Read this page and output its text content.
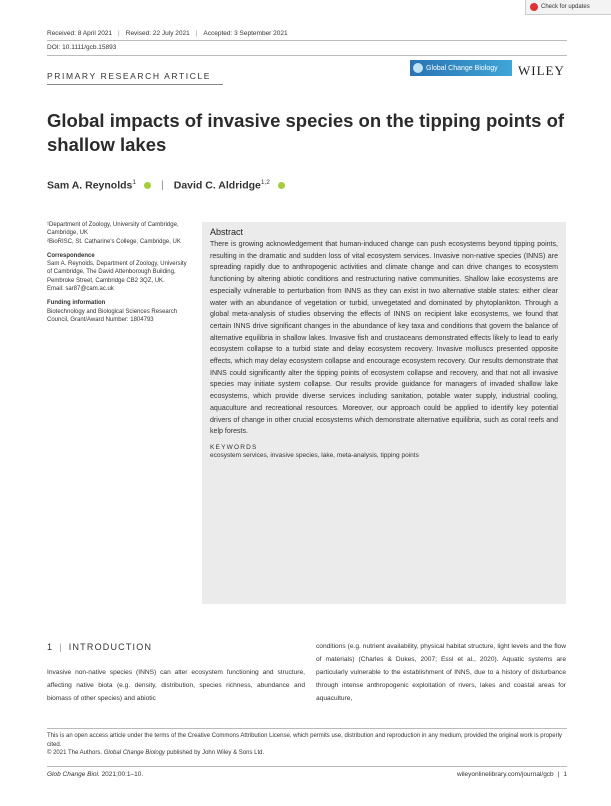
Check for updates
Received: 8 April 2021 | Revised: 22 July 2021 | Accepted: 3 September 2021
DOI: 10.1111/gcb.15893
PRIMARY RESEARCH ARTICLE
Global Change Biology WILEY
Global impacts of invasive species on the tipping points of shallow lakes
Sam A. Reynolds$^1$ | David C. Aldridge$^{1,2}$
¹Department of Zoology, University of Cambridge, Cambridge, UK
²BioRISC, St. Catharine's College, Cambridge, UK
Correspondence
Sam A. Reynolds, Department of Zoology, University of Cambridge, The David Attenborough Building, Pembroke Street, Cambridge CB2 3QZ, UK.
Email: sar87@cam.ac.uk
Funding information
Biotechnology and Biological Sciences Research Council, Grant/Award Number: 1804793
Abstract
There is growing acknowledgement that human-induced change can push ecosystems beyond tipping points, resulting in the dramatic and sudden loss of vital ecosystem services. Invasive non-native species (INNS) are spreading rapidly due to anthropogenic activities and climate change and can drive changes to ecosystem functioning by altering abiotic conditions and restructuring native communities. Shallow lake ecosystems are especially vulnerable to perturbation from INNS as they can exist in two alternative stable states: either clear water with an abundance of vegetation or turbid, unvegetated and dominated by phytoplankton. Through a global meta-analysis of studies observing the effects of INNS on recipient lake ecosystems, we found that certain INNS drive significant changes in the abundance of key taxa and conditions that govern the balance of alternative equilibria in shallow lakes. Invasive fish and crustaceans demonstrated effects likely to lead to early ecosystem collapse to a turbid state and delay ecosystem recovery. Invasive molluscs presented opposite effects, which may delay ecosystem collapse and encourage ecosystem recovery. Our results demonstrate that INNS could significantly alter the tipping points of ecosystem collapse and recovery, and that not all invasive species may initiate system collapse. Our results provide guidance for managers of invaded shallow lake ecosystems, which provide diverse services including sanitation, potable water supply, industrial cooling, aquaculture and recreational resources. Moreover, our approach could be applied to identify key potential drivers of change in other crucial ecosystems which demonstrate alternative equilibria, such as coral reefs and kelp forests.
KEYWORDS
ecosystem services, invasive species, lake, meta-analysis, tipping points
1 | INTRODUCTION
Invasive non-native species (INNS) can alter ecosystem functioning and structure, affecting native biota (e.g. density, distribution, species richness, abundance and biomass of other species) and abiotic
conditions (e.g. nutrient availability, physical habitat structure, light levels and the flow of materials) (Charles & Dukes, 2007; Essl et al., 2020). Aquatic systems are particularly vulnerable to the establishment of INNS, due to a history of disturbance through intense anthropogenic exploitation of rivers, lakes and coastal areas for aquaculture,
This is an open access article under the terms of the Creative Commons Attribution License, which permits use, distribution and reproduction in any medium, provided the original work is properly cited.
© 2021 The Authors. Global Change Biology published by John Wiley & Sons Ltd.
Glob Change Biol. 2021;00:1–10.	wileyonlinelibrary.com/journal/gcb | 1
